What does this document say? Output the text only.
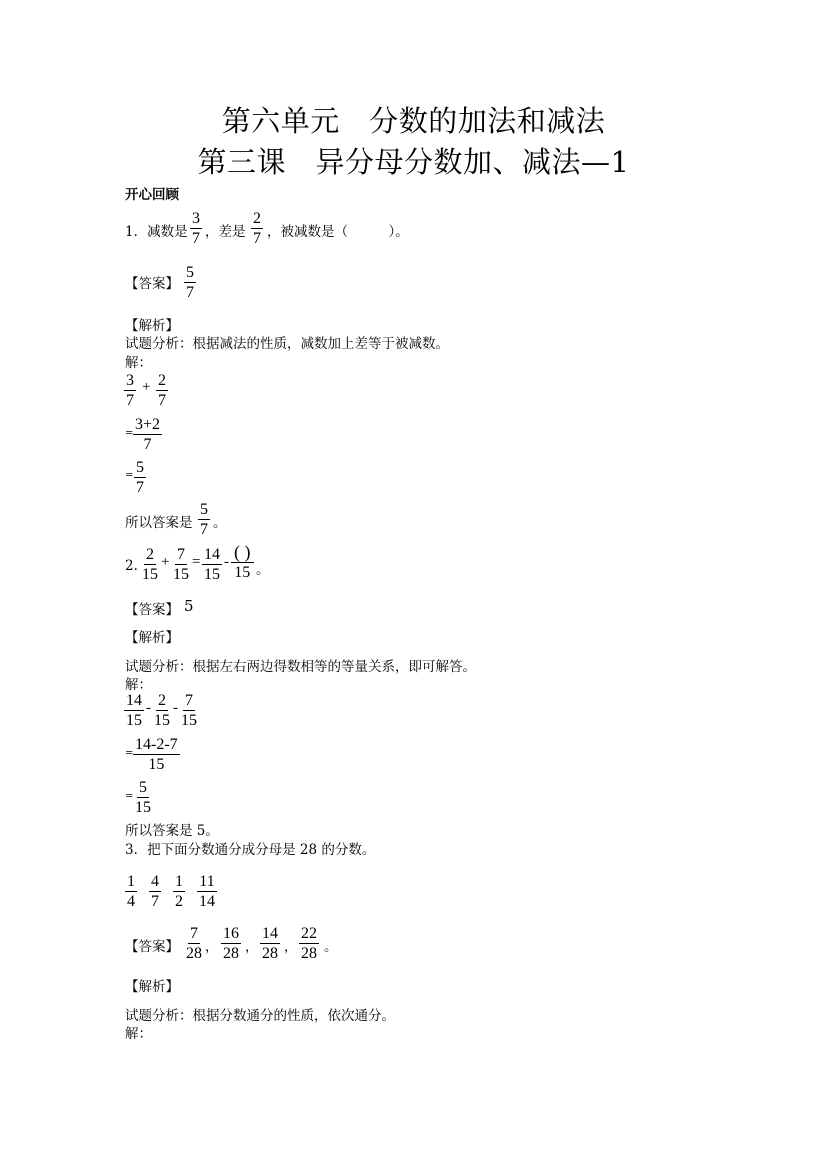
第六单元　分数的加法和减法
第三课　异分母分数加、减法—1
开心回顾
1．减数是 $\frac{3}{7}$ ，差是 $\frac{2}{7}$ ，被减数是（　　　）。
【答案】 $\frac{5}{7}$
【解析】
试题分析：根据减法的性质，减数加上差等于被减数。
解：
$\frac{3}{7} + \frac{2}{7}$
= $\frac{3+2}{7}$
= $\frac{5}{7}$
所以答案是 $\frac{5}{7}$ 。
2. $\frac{2}{15} + \frac{7}{15} = \frac{14}{15}$ - ( )
15 。
【答案】 5
【解析】
试题分析：根据左右两边得数相等的等量关系，即可解答。
解：
$\frac{14}{15} - \frac{2}{15} - \frac{7}{15}$
= $\frac{14-2-7}{15}$
= $\frac{5}{15}$
所以答案是 5。
3．把下面分数通分成分母是 28 的分数。
$\frac{1}{4} \frac{4}{7} \frac{1}{2} \frac{11}{14}$
【答案】 $\frac{7}{28}$ ， $\frac{16}{28}$ ， $\frac{14}{28}$ ， $\frac{22}{28}$ 。
【解析】
试题分析：根据分数通分的性质，依次通分。
解：
